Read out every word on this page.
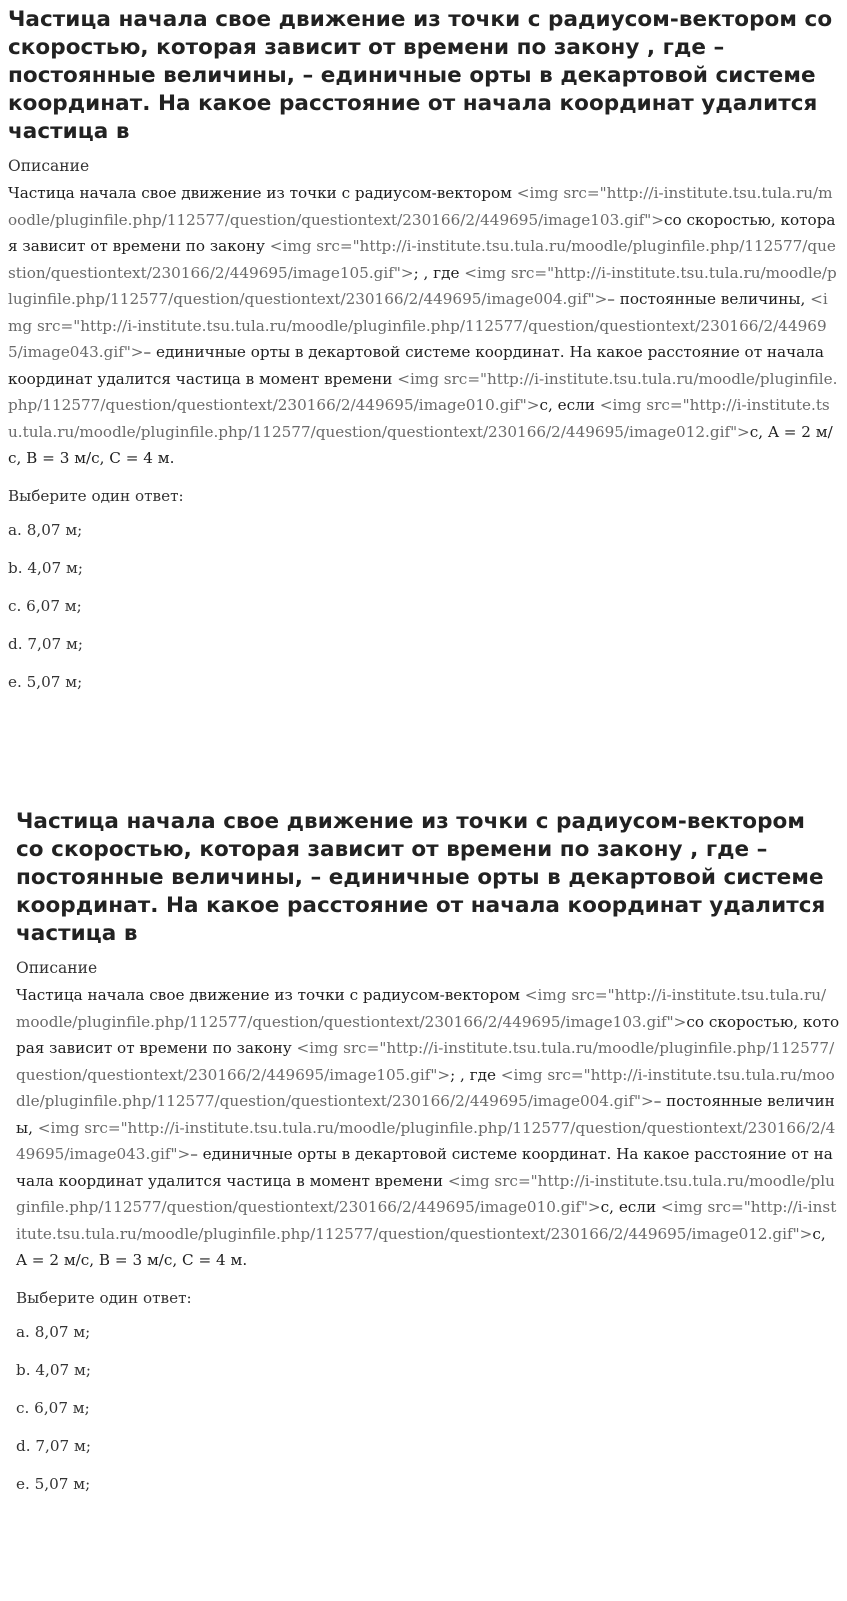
Частица начала свое движение из точки с радиусом-вектором со скоростью, которая зависит от времени по закону , где – постоянные величины, – единичные орты в декартовой системе координат. На какое расстояние от начала координат удалится частица в
Описание

Частица начала свое движение из точки с радиусом-вектором <img src="http://i-institute.tsu.tula.ru/moodle/pluginfile.php/112577/question/questiontext/230166/2/449695/image103.gif">со скоростью, которая зависит от времени по закону <img src="http://i-institute.tsu.tula.ru/moodle/pluginfile.php/112577/question/questiontext/230166/2/449695/image105.gif">; , где <img src="http://i-institute.tsu.tula.ru/moodle/pluginfile.php/112577/question/questiontext/230166/2/449695/image004.gif">– постоянные величины, <img src="http://i-institute.tsu.tula.ru/moodle/pluginfile.php/112577/question/questiontext/230166/2/449695/image043.gif">– единичные орты в декартовой системе координат. На какое расстояние от начала координат удалится частица в момент времени <img src="http://i-institute.tsu.tula.ru/moodle/pluginfile.php/112577/question/questiontext/230166/2/449695/image010.gif">с, если <img src="http://i-institute.tsu.tula.ru/moodle/pluginfile.php/112577/question/questiontext/230166/2/449695/image012.gif">с, A = 2 м/с, B = 3 м/с, C = 4 м.

Выберите один ответ:
a. 8,07 м;
b. 4,07 м;
c. 6,07 м;
d. 7,07 м;
e. 5,07 м;
Частица начала свое движение из точки с радиусом-вектором со скоростью, которая зависит от времени по закону , где – постоянные величины, – единичные орты в декартовой системе координат. На какое расстояние от начала координат удалится частица в
Описание

Частица начала свое движение из точки с радиусом-вектором <img src="http://i-institute.tsu.tula.ru/moodle/pluginfile.php/112577/question/questiontext/230166/2/449695/image103.gif">со скоростью, которая зависит от времени по закону <img src="http://i-institute.tsu.tula.ru/moodle/pluginfile.php/112577/question/questiontext/230166/2/449695/image105.gif">; , где <img src="http://i-institute.tsu.tula.ru/moodle/pluginfile.php/112577/question/questiontext/230166/2/449695/image004.gif">– постоянные величины, <img src="http://i-institute.tsu.tula.ru/moodle/pluginfile.php/112577/question/questiontext/230166/2/449695/image043.gif">– единичные орты в декартовой системе координат. На какое расстояние от начала координат удалится частица в момент времени <img src="http://i-institute.tsu.tula.ru/moodle/pluginfile.php/112577/question/questiontext/230166/2/449695/image010.gif">с, если <img src="http://i-institute.tsu.tula.ru/moodle/pluginfile.php/112577/question/questiontext/230166/2/449695/image012.gif">с, A = 2 м/с, B = 3 м/с, C = 4 м.

Выберите один ответ:
a. 8,07 м;
b. 4,07 м;
c. 6,07 м;
d. 7,07 м;
e. 5,07 м;
